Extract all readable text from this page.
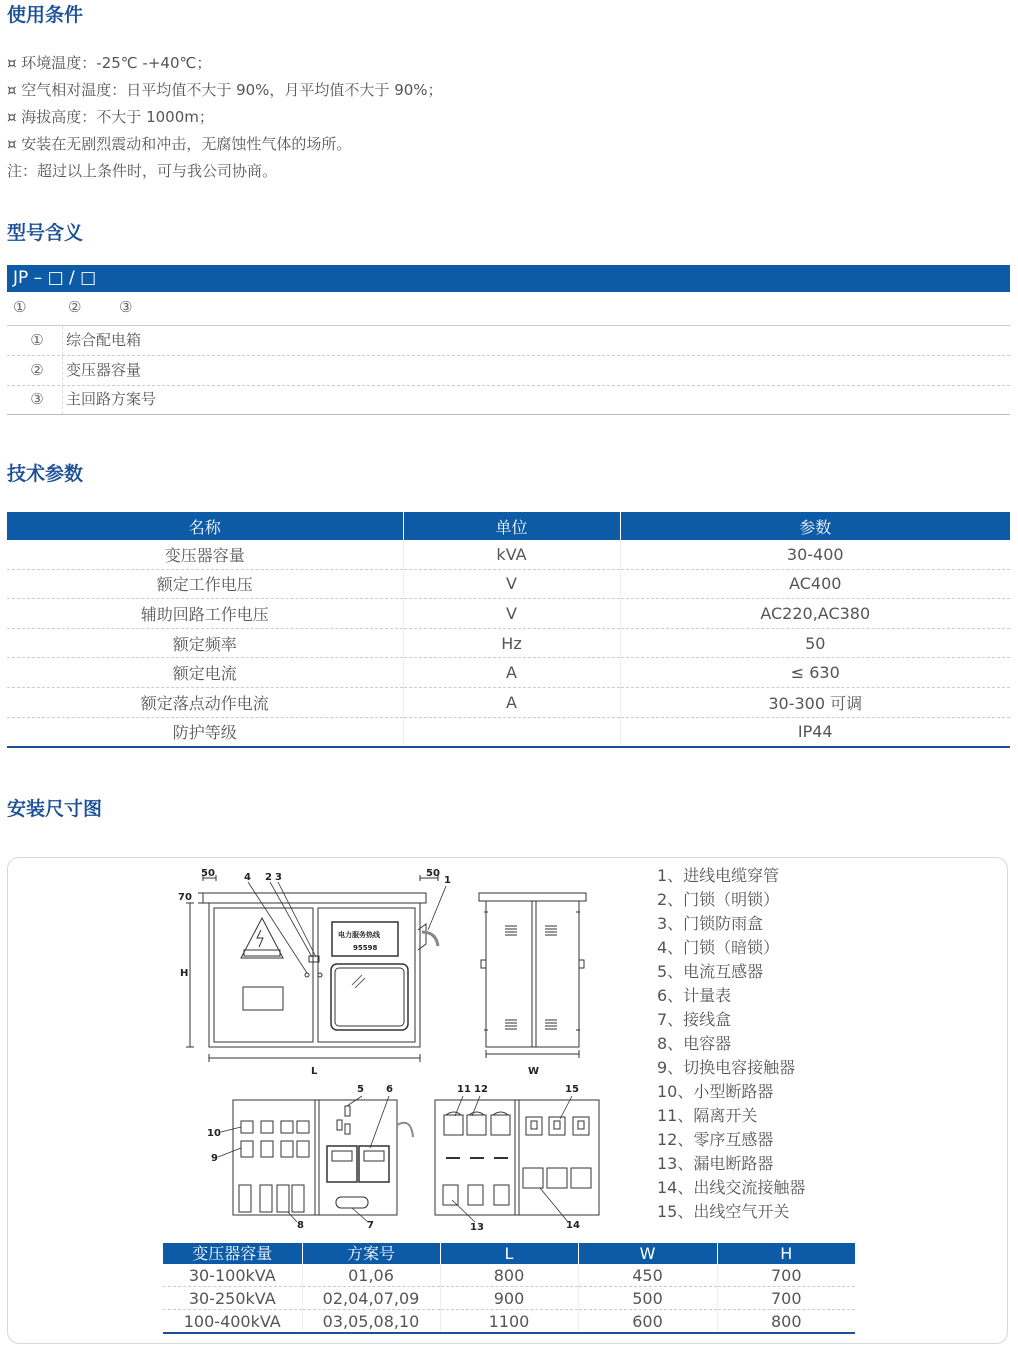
使用条件
¤ 环境温度：-25℃ -+40℃；
¤ 空气相对温度：日平均值不大于 90%，月平均值不大于 90%；
¤ 海拔高度：不大于 1000m；
¤ 安装在无剧烈震动和冲击，无腐蚀性气体的场所。
注：超过以上条件时，可与我公司协商。
型号含义
JP – □ / □
①	②	③
①	综合配电箱
②	变压器容量
③	主回路方案号
技术参数
名称	单位	参数
变压器容量	kVA	30-400
额定工作电压	V	AC400
辅助回路工作电压	V	AC220,AC380
额定频率	Hz	50
额定电流	A	≤ 630
额定落点动作电流	A	30-300 可调
防护等级		IP44
安装尺寸图
50	50
70
H
L	W
电力服务热线
95598
1
2 3
4
5 6
7
8
9
10
11 12
13	14
15
1、进线电缆穿管
2、门锁（明锁）
3、门锁防雨盒
4、门锁（暗锁）
5、电流互感器
6、计量表
7、接线盒
8、电容器
9、切换电容接触器
10、小型断路器
11、隔离开关
12、零序互感器
13、漏电断路器
14、出线交流接触器
15、出线空气开关
变压器容量	方案号	L	W	H
30-100kVA	01,06	800	450	700
30-250kVA	02,04,07,09	900	500	700
100-400kVA	03,05,08,10	1100	600	800
